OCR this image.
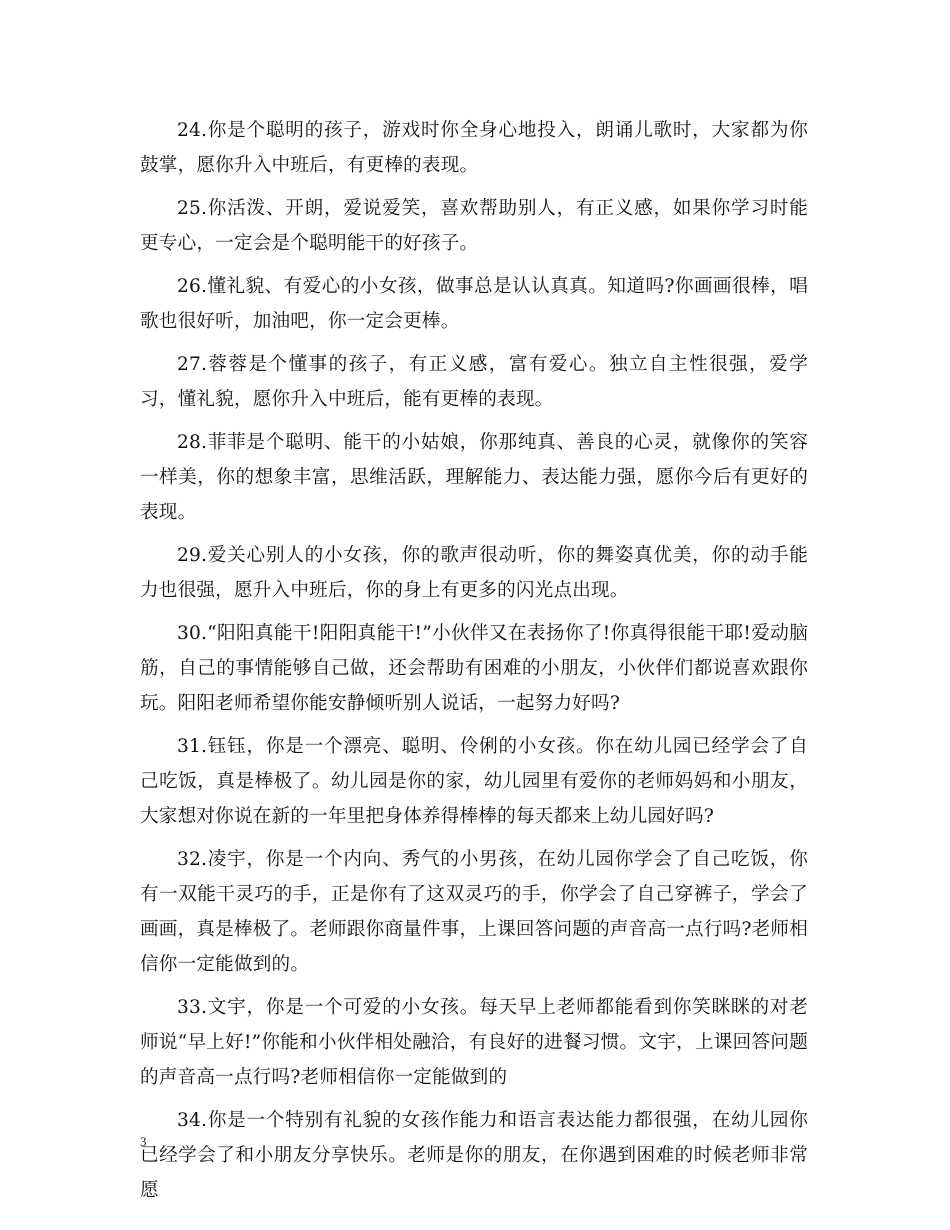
24.你是个聪明的孩子，游戏时你全身心地投入，朗诵儿歌时，大家都为你鼓掌，愿你升入中班后，有更棒的表现。

25.你活泼、开朗，爱说爱笑，喜欢帮助别人，有正义感，如果你学习时能更专心，一定会是个聪明能干的好孩子。

26.懂礼貌、有爱心的小女孩，做事总是认认真真。知道吗?你画画很棒，唱歌也很好听，加油吧，你一定会更棒。

27.蓉蓉是个懂事的孩子，有正义感，富有爱心。独立自主性很强，爱学习，懂礼貌，愿你升入中班后，能有更棒的表现。

28.菲菲是个聪明、能干的小姑娘，你那纯真、善良的心灵，就像你的笑容一样美，你的想象丰富，思维活跃，理解能力、表达能力强，愿你今后有更好的表现。

29.爱关心别人的小女孩，你的歌声很动听，你的舞姿真优美，你的动手能力也很强，愿升入中班后，你的身上有更多的闪光点出现。

30.“阳阳真能干!阳阳真能干!”小伙伴又在表扬你了!你真得很能干耶!爱动脑筋，自己的事情能够自己做，还会帮助有困难的小朋友，小伙伴们都说喜欢跟你玩。阳阳老师希望你能安静倾听别人说话，一起努力好吗?

31.钰钰，你是一个漂亮、聪明、伶俐的小女孩。你在幼儿园已经学会了自己吃饭，真是棒极了。幼儿园是你的家，幼儿园里有爱你的老师妈妈和小朋友，大家想对你说在新的一年里把身体养得棒棒的每天都来上幼儿园好吗?

32.凌宇，你是一个内向、秀气的小男孩，在幼儿园你学会了自己吃饭，你有一双能干灵巧的手，正是你有了这双灵巧的手，你学会了自己穿裤子，学会了画画，真是棒极了。老师跟你商量件事，上课回答问题的声音高一点行吗?老师相信你一定能做到的。

33.文宇，你是一个可爱的小女孩。每天早上老师都能看到你笑眯眯的对老师说“早上好!”你能和小伙伴相处融洽，有良好的进餐习惯。文宇，上课回答问题的声音高一点行吗?老师相信你一定能做到的

34.你是一个特别有礼貌的女孩作能力和语言表达能力都很强，在幼儿园你已经学会了和小朋友分享快乐。老师是你的朋友，在你遇到困难的时候老师非常愿

3
